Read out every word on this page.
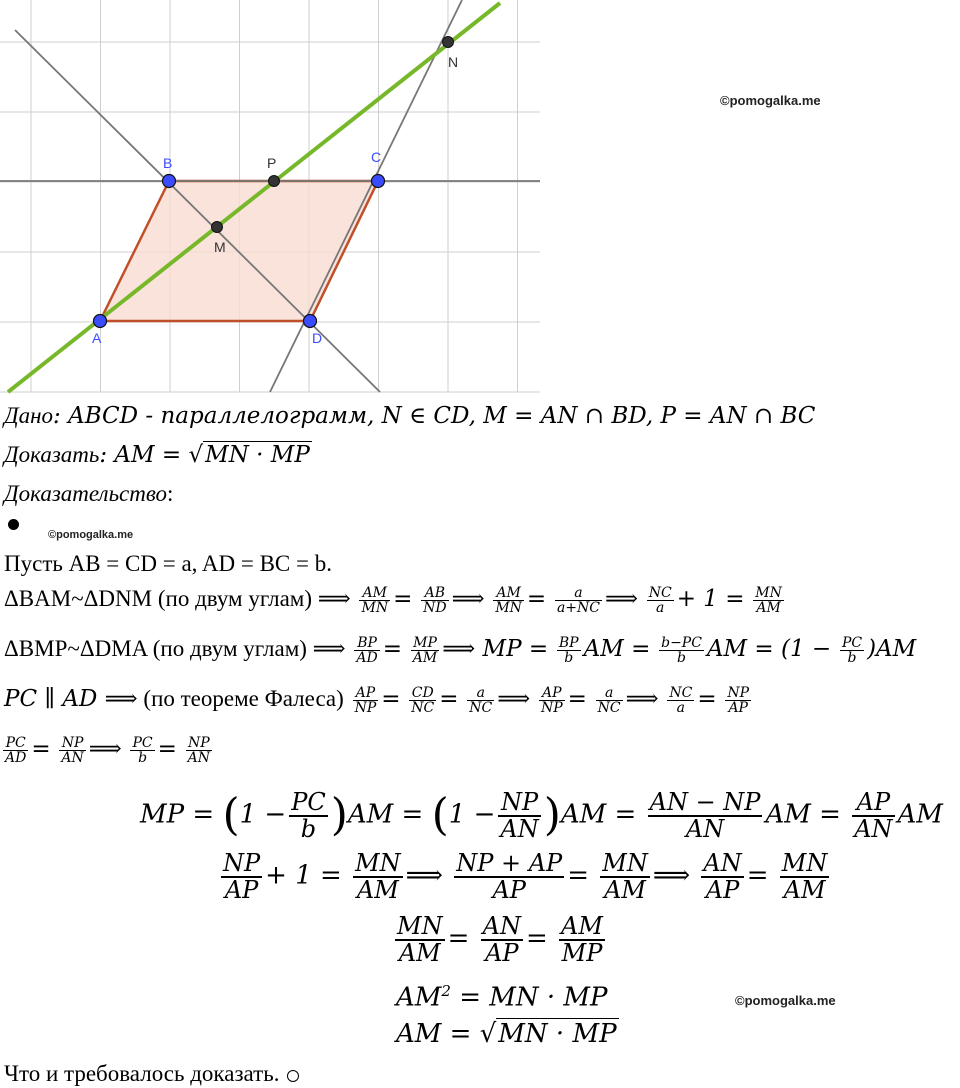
A
B	C
D
M
P
N
©pomogalka.me
Дано: ABCD - параллелограмм, N ∈ CD, M = AN ∩ BD, P = AN ∩ BC
Доказать: AM = √MN · MP
Доказательство:
©pomogalka.me
Пусть AB = CD = a, AD = BC = b.
ΔBAM~ΔDNM (по двум углам) ⟹ $\frac{AM}{MN} = \frac{AB}{ND}$ ⟹ $\frac{AM}{MN} = \frac{a}{a+NC}$ ⟹ $\frac{NC}{a} + 1 = \frac{MN}{AM}$
ΔBMP~ΔDMA (по двум углам) ⟹ $\frac{BP}{AD} = \frac{MP}{AM}$ ⟹ MP = $\frac{BP}{b}$ AM = $\frac{b-PC}{b}$ AM = $(1 - \frac{PC}{b} )AM$
PC ∥ AD ⟹ (по теореме Фалеса) $\frac{AP}{NP} = \frac{CD}{NC} = \frac{a}{NC}$ ⟹ $\frac{AP}{NP} = \frac{a}{NC}$ ⟹ $\frac{NC}{a} = \frac{NP}{AP}$
$\frac{PC}{AD} = \frac{NP}{AN}$ ⟹ $\frac{PC}{b} = \frac{NP}{AN}$
MP = $(1 - \frac{PC}{b} )AM = (1 - \frac{NP}{AN} )AM = \frac{AN - NP}{AN}$ AM = $\frac{AP}{AN}$ AM
$\frac{NP}{AP} + 1 = \frac{MN}{AM}$ ⟹ $\frac{NP + AP}{AP} = \frac{MN}{AM}$ ⟹ $\frac{AN}{AP} = \frac{MN}{AM}$
$\frac{MN}{AM} = \frac{AN}{AP} = \frac{AM}{MP}$
$AM^2$ = MN · MP	©pomogalka.me
AM = √MN · MP
Что и требовалось доказать.
